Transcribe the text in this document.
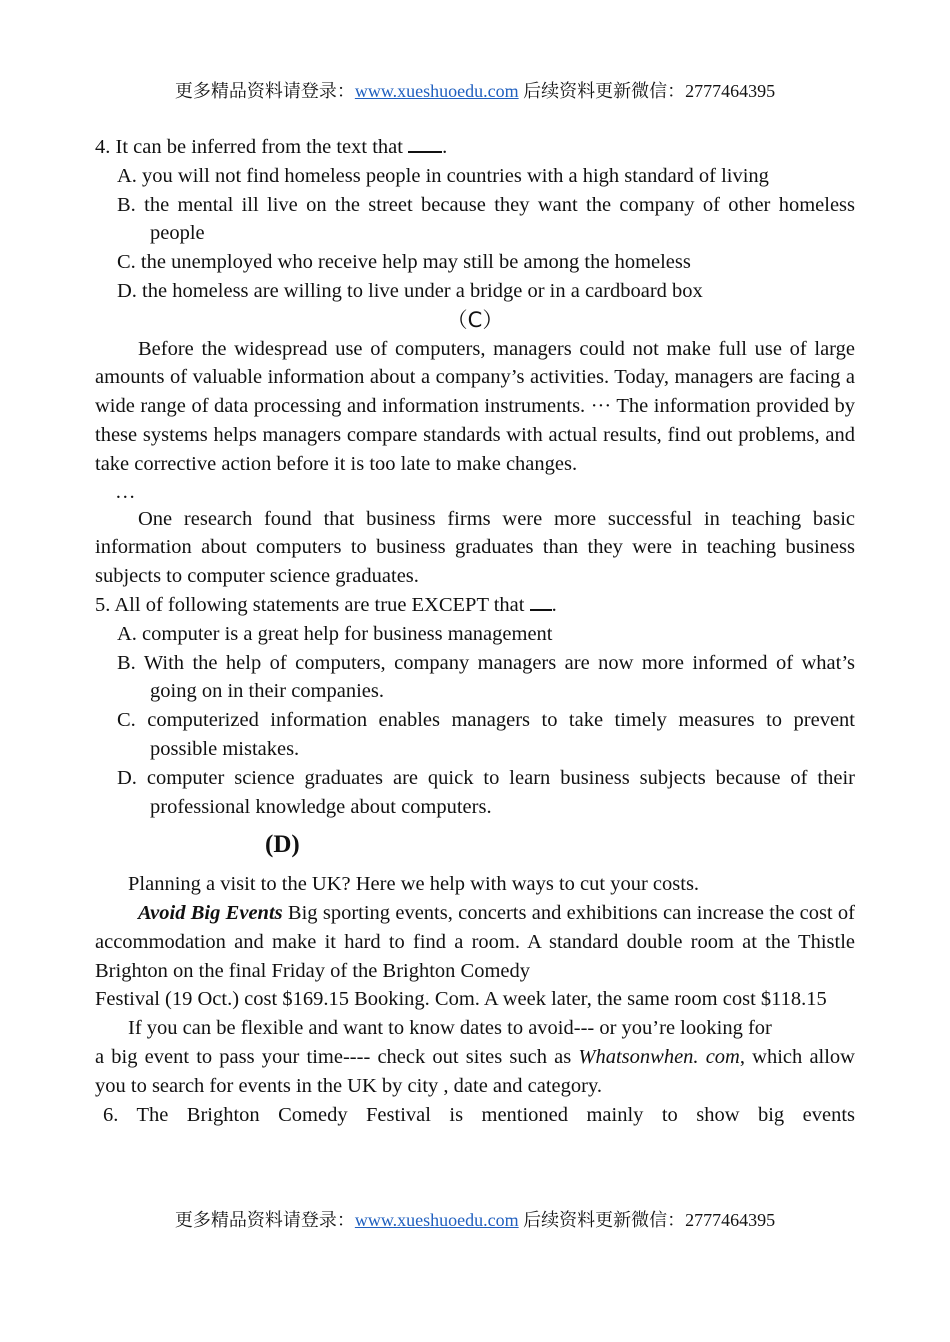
更多精品资料请登录：www.xueshuoedu.com 后续资料更新微信：2777464395

4. It can be inferred from the text that .

A. you will not find homeless people in countries with a high standard of living

B. the mental ill live on the street because they want the company of other homeless people

C. the unemployed who receive help may still be among the homeless

D. the homeless are willing to live under a bridge or in a cardboard box

（C）

Before the widespread use of computers, managers could not make full use of large amounts of valuable information about a company’s activities. Today, managers are facing a wide range of data processing and information instruments. ··· The information provided by these systems helps managers compare standards with actual results, find out problems, and take corrective action before it is too late to make changes.

…

One research found that business firms were more successful in teaching basic information about computers to business graduates than they were in teaching business subjects to computer science graduates.

5. All of following statements are true EXCEPT that .

A. computer is a great help for business management

B. With the help of computers, company managers are now more informed of what’s going on in their companies.

C. computerized information enables managers to take timely measures to prevent possible mistakes.

D. computer science graduates are quick to learn business subjects because of their professional knowledge about computers.

(D)

Planning a visit to the UK? Here we help with ways to cut your costs.

Avoid Big Events Big sporting events, concerts and exhibitions can increase the cost of accommodation and make it hard to find a room. A standard double room at the Thistle Brighton on the final Friday of the Brighton Comedy

Festival (19 Oct.) cost $169.15 Booking. Com. A week later, the same room cost $118.15

If you can be flexible and want to know dates to avoid--- or you’re looking for

a big event to pass your time---- check out sites such as Whatsonwhen. com, which allow you to search for events in the UK by city , date and category.

6. The Brighton Comedy Festival is mentioned mainly to show big events

更多精品资料请登录：www.xueshuoedu.com 后续资料更新微信：2777464395
